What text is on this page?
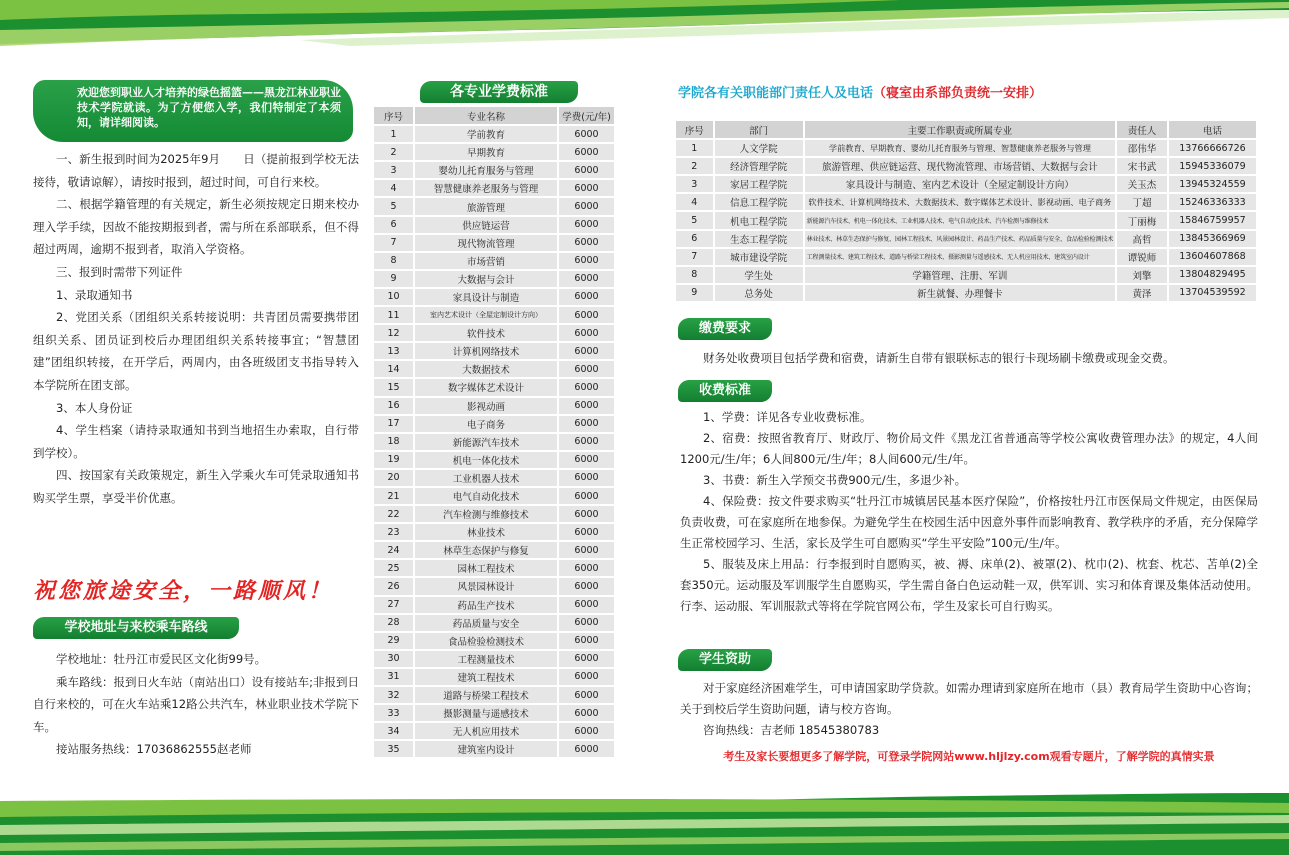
欢迎您到职业人才培养的绿色摇篮——黑龙江林业职业技术学院就读。为了方便您入学，我们特制定了本须知，请详细阅读。

一、新生报到时间为2025年9月　　日（提前报到学校无法接待，敬请谅解），请按时报到，超过时间，可自行来校。

二、根据学籍管理的有关规定，新生必须按规定日期来校办理入学手续，因故不能按期报到者，需与所在系部联系，但不得超过两周，逾期不报到者，取消入学资格。

三、报到时需带下列证件

1、录取通知书

2、党团关系（团组织关系转接说明：共青团员需要携带团组织关系、团员证到校后办理团组织关系转接事宜；“智慧团建”团组织转接，在开学后，两周内，由各班级团支书指导转入本学院所在团支部。

3、本人身份证

4、学生档案（请持录取通知书到当地招生办索取，自行带到学校）。

四、按国家有关政策规定，新生入学乘火车可凭录取通知书购买学生票，享受半价优惠。

祝您旅途安全，一路顺风！
学校地址与来校乘车路线

学校地址：牡丹江市爱民区文化街99号。

乘车路线：报到日火车站（南站出口）设有接站车;非报到日自行来校的，可在火车站乘12路公共汽车，林业职业技术学院下车。

接站服务热线：17036862555赵老师

各专业学费标准
序号	专业名称	学费(元/年)
1	学前教育	6000
2	早期教育	6000
3	婴幼儿托育服务与管理	6000
4	智慧健康养老服务与管理	6000
5	旅游管理	6000
6	供应链运营	6000
7	现代物流管理	6000
8	市场营销	6000
9	大数据与会计	6000
10	家具设计与制造	6000
11	室内艺术设计（全屋定制设计方向）	6000
12	软件技术	6000
13	计算机网络技术	6000
14	大数据技术	6000
15	数字媒体艺术设计	6000
16	影视动画	6000
17	电子商务	6000
18	新能源汽车技术	6000
19	机电一体化技术	6000
20	工业机器人技术	6000
21	电气自动化技术	6000
22	汽车检测与维修技术	6000
23	林业技术	6000
24	林草生态保护与修复	6000
25	园林工程技术	6000
26	风景园林设计	6000
27	药品生产技术	6000
28	药品质量与安全	6000
29	食品检验检测技术	6000
30	工程测量技术	6000
31	建筑工程技术	6000
32	道路与桥梁工程技术	6000
33	摄影测量与遥感技术	6000
34	无人机应用技术	6000
35	建筑室内设计	6000
学院各有关职能部门责任人及电话（寝室由系部负责统一安排）
序号	部门	主要工作职责或所属专业	责任人	电话
1	人文学院	学前教育、早期教育、婴幼儿托育服务与管理、智慧健康养老服务与管理	邵伟华	13766666726
2	经济管理学院	旅游管理、供应链运营、现代物流管理、市场营销、大数据与会计	宋书武	15945336079
3	家居工程学院	家具设计与制造、室内艺术设计（全屋定制设计方向）	关玉杰	13945324559
4	信息工程学院	软件技术、计算机网络技术、大数据技术、数字媒体艺术设计、影视动画、电子商务	丁超	15246336333
5	机电工程学院	新能源汽车技术、机电一体化技术、工业机器人技术、电气自动化技术、汽车检测与维修技术	丁丽梅	15846759957
6	生态工程学院	林业技术、林草生态保护与修复、园林工程技术、风景园林设计、药品生产技术、药品质量与安全、食品检验检测技术	高哲	13845366969
7	城市建设学院	工程测量技术、建筑工程技术、道路与桥梁工程技术、摄影测量与遥感技术、无人机应用技术、建筑室内设计	谭锐师	13604607868
8	学生处	学籍管理、注册、军训	刘擎	13804829495
9	总务处	新生就餐、办理餐卡	黄泽	13704539592
缴费要求

财务处收费项目包括学费和宿费，请新生自带有银联标志的银行卡现场刷卡缴费或现金交费。

收费标准

1、学费：详见各专业收费标准。

2、宿费：按照省教育厅、财政厅、物价局文件《黑龙江省普通高等学校公寓收费管理办法》的规定，4人间1200元/生/年；6人间800元/生/年；8人间600元/生/年。

3、书费：新生入学预交书费900元/生，多退少补。

4、保险费：按文件要求购买“牡丹江市城镇居民基本医疗保险”，价格按牡丹江市医保局文件规定，由医保局负责收费，可在家庭所在地参保。为避免学生在校园生活中因意外事件而影响教育、教学秩序的矛盾，充分保障学生正常校园学习、生活，家长及学生可自愿购买“学生平安险”100元/生/年。

5、服装及床上用品：行李报到时自愿购买，被、褥、床单(2)、被罩(2)、枕巾(2)、枕套、枕芯、苫单(2)全套350元。运动服及军训服学生自愿购买，学生需自备白色运动鞋一双，供军训、实习和体育课及集体活动使用。行李、运动服、军训服款式等将在学院官网公布，学生及家长可自行购买。

学生资助

对于家庭经济困难学生，可申请国家助学贷款。如需办理请到家庭所在地市（县）教育局学生资助中心咨询；关于到校后学生资助问题，请与校方咨询。

咨询热线：吉老师 18545380783

考生及家长要想更多了解学院，可登录学院网站www.hljlzy.com观看专题片，了解学院的真情实景
